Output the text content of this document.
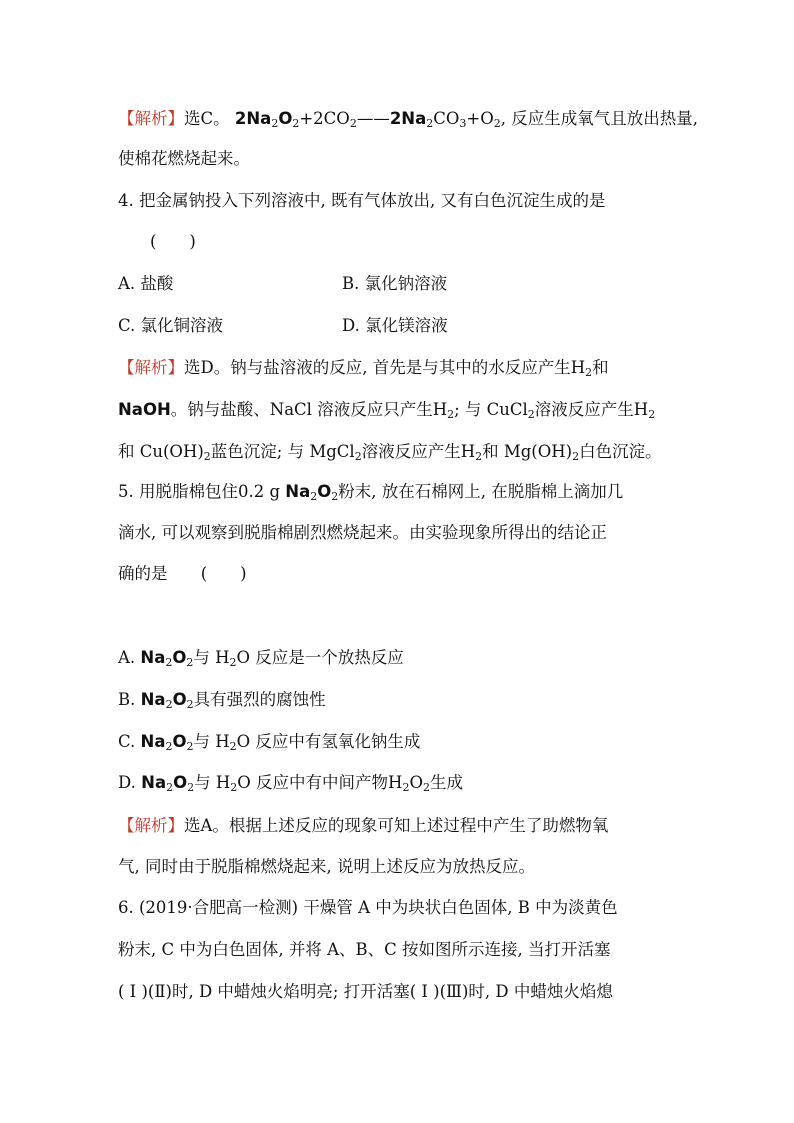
【解析】选C。 $2Na_2O_2+2CO_2——2Na_2CO_3+O_2$, 反应生成氧气且放出热量,
使棉花燃烧起来。
4. 把金属钠投入下列溶液中, 既有气体放出, 又有白色沉淀生成的是
(　　)
A. 盐酸	B. 氯化钠溶液
C. 氯化铜溶液	D. 氯化镁溶液
【解析】选D。钠与盐溶液的反应, 首先是与其中的水反应产生$H_2$和
NaOH。钠与盐酸、NaCl 溶液反应只产生$H_2$; 与 CuCl$_2$溶液反应产生$H_2$
和 $Cu(OH)_2$蓝色沉淀; 与 MgCl$_2$溶液反应产生$H_2$和 $Mg(OH)_2$白色沉淀。
5. 用脱脂棉包住0.2 g $Na_2O_2$粉末, 放在石棉网上, 在脱脂棉上滴加几
滴水, 可以观察到脱脂棉剧烈燃烧起来。由实验现象所得出的结论正
确的是 (　　)
A. $Na_2O_2$与 $H_2O$ 反应是一个放热反应
B. $Na_2O_2$具有强烈的腐蚀性
C. $Na_2O_2$与 $H_2O$ 反应中有氢氧化钠生成
D. $Na_2O_2$与 $H_2O$ 反应中有中间产物$H_2O_2$生成
【解析】选A。根据上述反应的现象可知上述过程中产生了助燃物氧
气, 同时由于脱脂棉燃烧起来, 说明上述反应为放热反应。
6. (2019·合肥高一检测) 干燥管 A 中为块状白色固体, B 中为淡黄色
粉末, C 中为白色固体, 并将 A、B、C 按如图所示连接, 当打开活塞
( Ⅰ )(Ⅱ)时, D 中蜡烛火焰明亮; 打开活塞( Ⅰ )(Ⅲ)时, D 中蜡烛火焰熄
